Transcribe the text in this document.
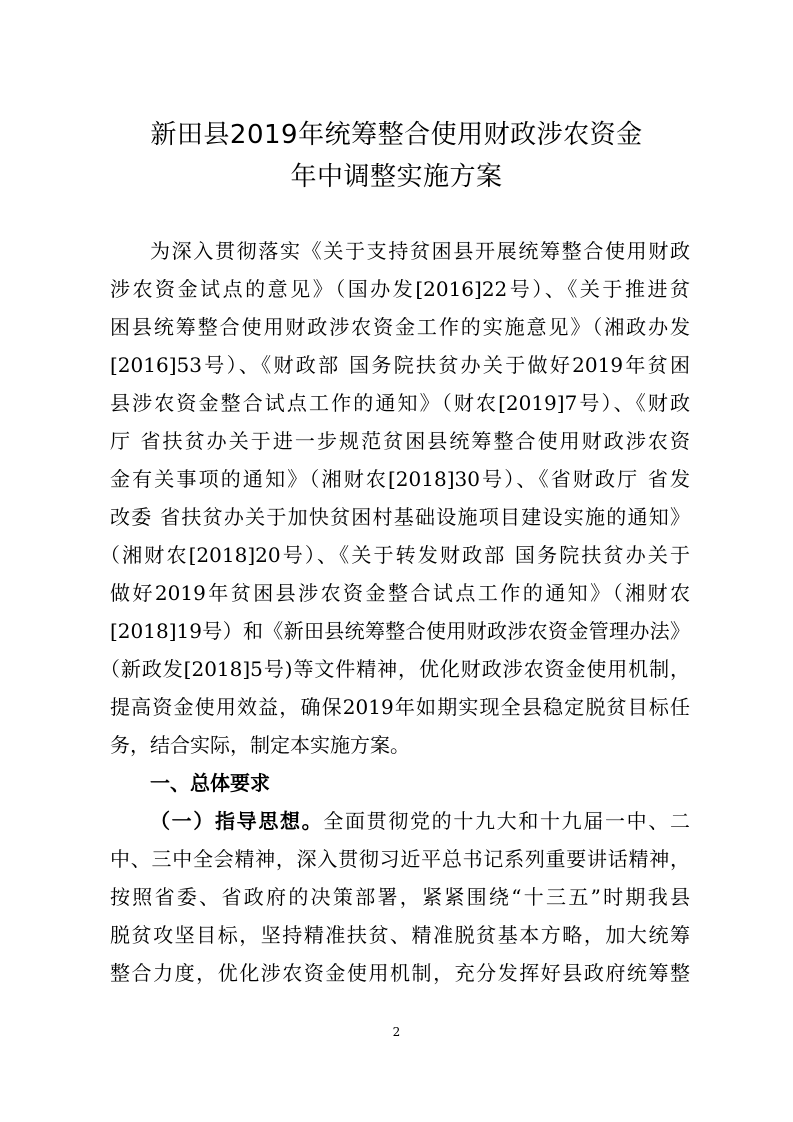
新田县2019年统筹整合使用财政涉农资金
年中调整实施方案
为深入贯彻落实《关于支持贫困县开展统筹整合使用财政
涉农资金试点的意见》（国办发[2016]22号）、《关于推进贫
困县统筹整合使用财政涉农资金工作的实施意见》（湘政办发
[2016]53号）、《财政部 国务院扶贫办关于做好2019年贫困
县涉农资金整合试点工作的通知》（财农[2019]7号）、《财政
厅 省扶贫办关于进一步规范贫困县统筹整合使用财政涉农资
金有关事项的通知》（湘财农[2018]30号）、《省财政厅 省发
改委 省扶贫办关于加快贫困村基础设施项目建设实施的通知》
（湘财农[2018]20号）、《关于转发财政部 国务院扶贫办关于
做好2019年贫困县涉农资金整合试点工作的通知》（湘财农
[2018]19号）和《新田县统筹整合使用财政涉农资金管理办法》
（新政发[2018]5号)等文件精神，优化财政涉农资金使用机制，
提高资金使用效益，确保2019年如期实现全县稳定脱贫目标任
务，结合实际，制定本实施方案。
一、总体要求
（一）指导思想。全面贯彻党的十九大和十九届一中、二
中、三中全会精神，深入贯彻习近平总书记系列重要讲话精神，
按照省委、省政府的决策部署，紧紧围绕“十三五”时期我县
脱贫攻坚目标，坚持精准扶贫、精准脱贫基本方略，加大统筹
整合力度，优化涉农资金使用机制，充分发挥好县政府统筹整
2
